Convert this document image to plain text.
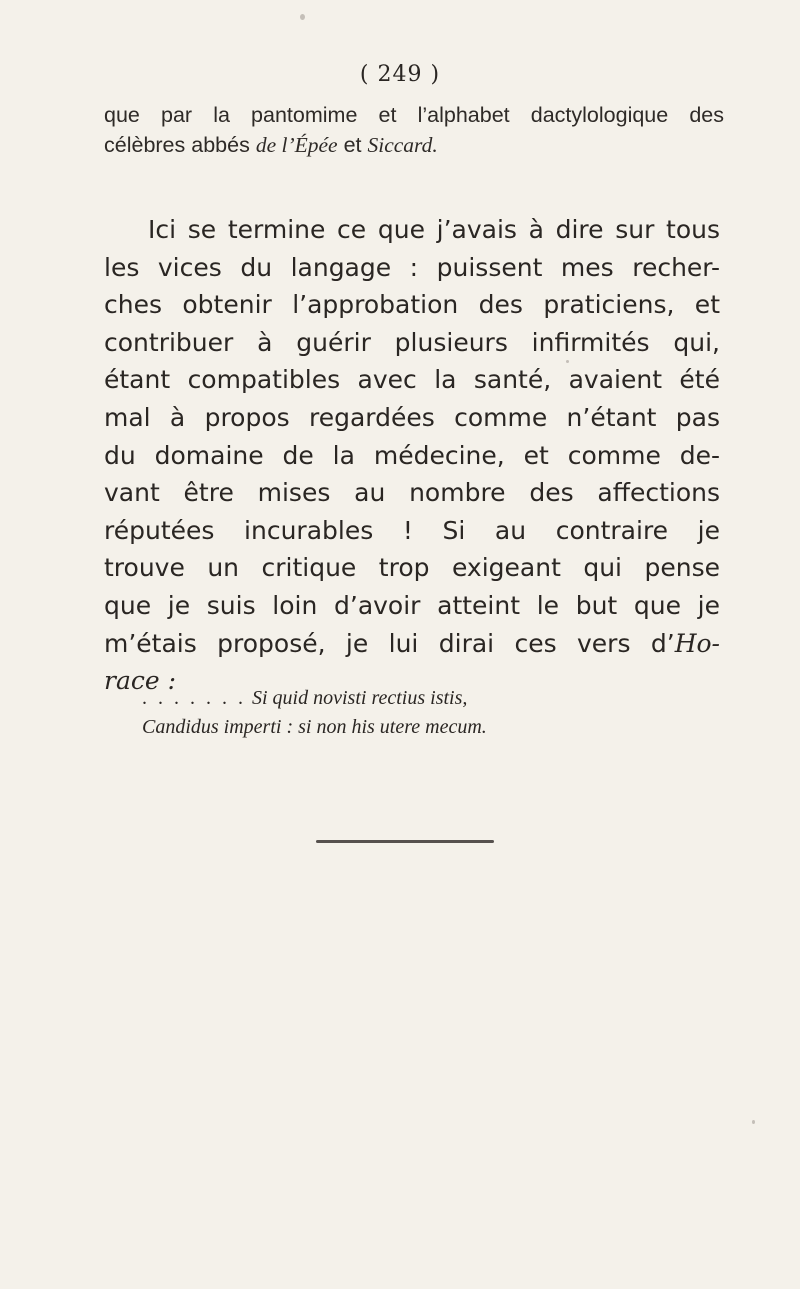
( 249 )
que par la pantomime et l’alphabet dactylologique des
célèbres abbés de l’Épée et Siccard.
Ici se termine ce que j’avais à dire sur tous
les vices du langage : puissent mes recher-
ches obtenir l’approbation des praticiens, et
contribuer à guérir plusieurs infirmités qui,
étant compatibles avec la santé, avaient été
mal à propos regardées comme n’étant pas
du domaine de la médecine, et comme de-
vant être mises au nombre des affections
réputées incurables ! Si au contraire je
trouve un critique trop exigeant qui pense
que je suis loin d’avoir atteint le but que je
m’étais proposé, je lui dirai ces vers d’Ho-
race :
. . . . . . . Si quid novisti rectius istis,
Candidus imperti : si non his utere mecum.
